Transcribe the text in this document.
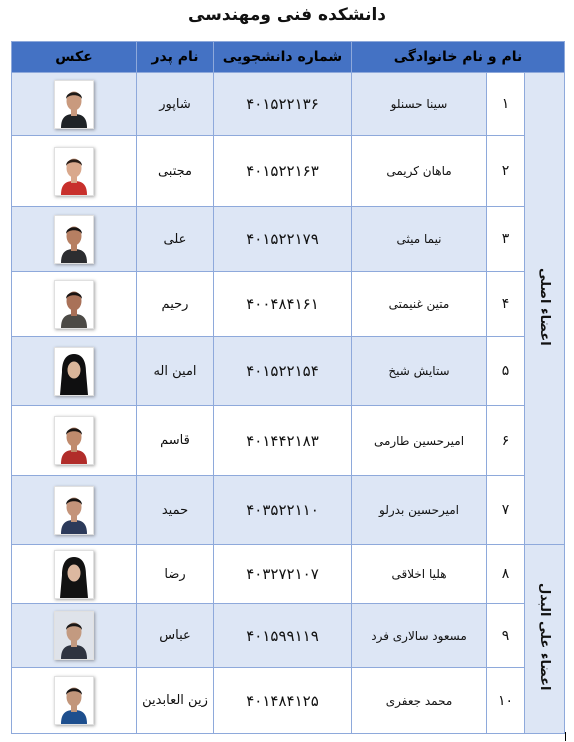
دانشکده فنی ومهندسی
نام و نام خانوادگی			شماره دانشجویی	نام پدر	عکس
اعضاء اصلی	۱	سینا حسنلو	۴۰۱۵۲۲۱۳۶	شاپور	

	۲	ماهان کریمی	۴۰۱۵۲۲۱۶۳	مجتبی	

	۳	نیما میثی	۴۰۱۵۲۲۱۷۹	علی	

	۴	متین غنیمتی	۴۰۰۴۸۴۱۶۱	رحیم	

	۵	ستایش شیخ	۴۰۱۵۲۲۱۵۴	امین اله	

	۶	امیرحسین طارمی	۴۰۱۴۴۲۱۸۳	قاسم	

	۷	امیرحسین بدرلو	۴۰۳۵۲۲۱۱۰	حمید	

اعضاء علی البدل	۸	هلیا اخلاقی	۴۰۳۲۷۲۱۰۷	رضا	

	۹	مسعود سالاری فرد	۴۰۱۵۹۹۱۱۹	عباس	

	۱۰	محمد جعفری	۴۰۱۴۸۴۱۲۵	زین العابدین	
